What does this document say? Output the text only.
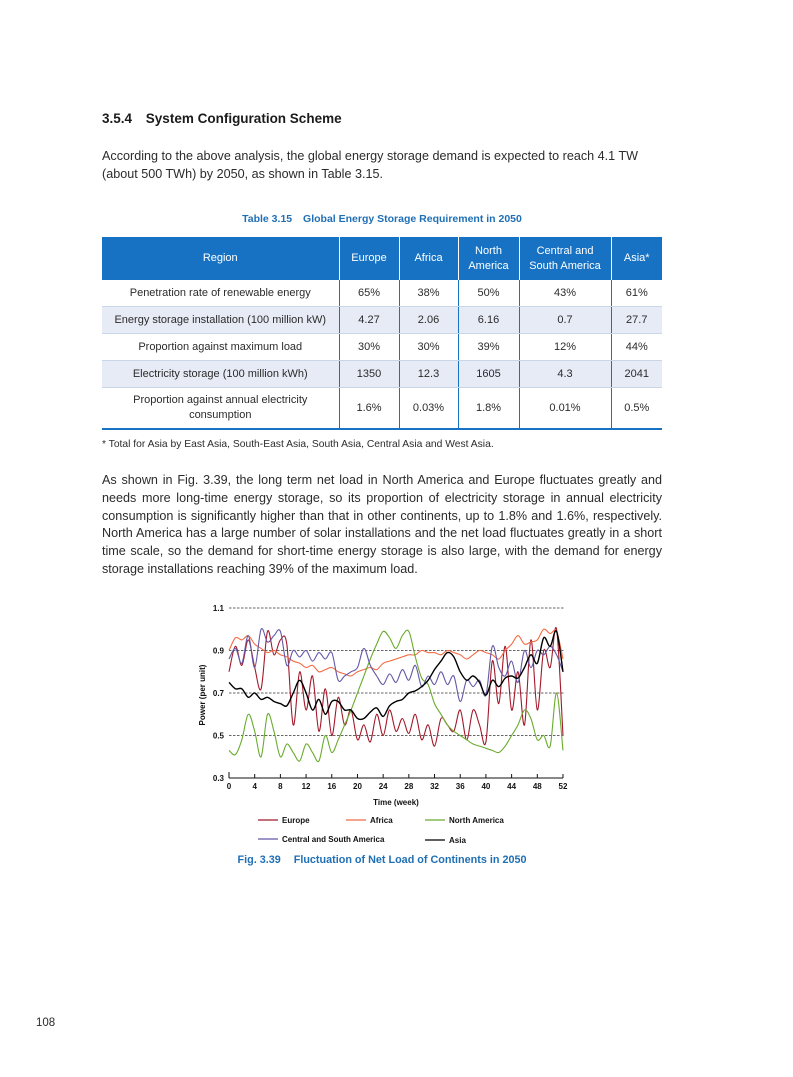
3.5.4 System Configuration Scheme

According to the above analysis, the global energy storage demand is expected to reach 4.1 TW (about 500 TWh) by 2050, as shown in Table 3.15.

Table 3.15 Global Energy Storage Requirement in 2050
Region	Europe	Africa	North America	Central and South America	Asia*
Penetration rate of renewable energy	65%	38%	50%	43%	61%
Energy storage installation (100 million kW)	4.27	2.06	6.16	0.7	27.7
Proportion against maximum load	30%	30%	39%	12%	44%
Electricity storage (100 million kWh)	1350	12.3	1605	4.3	2041
Proportion against annual electricity consumption	1.6%	0.03%	1.8%	0.01%	0.5%
* Total for Asia by East Asia, South-East Asia, South Asia, Central Asia and West Asia.

As shown in Fig. 3.39, the long term net load in North America and Europe fluctuates greatly and needs more long-time energy storage, so its proportion of electricity storage in annual electricity consumption is significantly higher than that in other continents, up to 1.8% and 1.6%, respectively. North America has a large number of solar installations and the net load fluctuates greatly in a short time scale, so the demand for short-time energy storage is also large, with the demand for energy storage installations reaching 39% of the maximum load.

0.3
0.5
0.7
0.9
1.1
0	4	8 12 16 20 24 28 32 36 40 44 48 52
Time (week)
Power (per unit)
Europe	Africa	North America
Central and South America	Asia
Fig. 3.39 Fluctuation of Net Load of Continents in 2050
108
